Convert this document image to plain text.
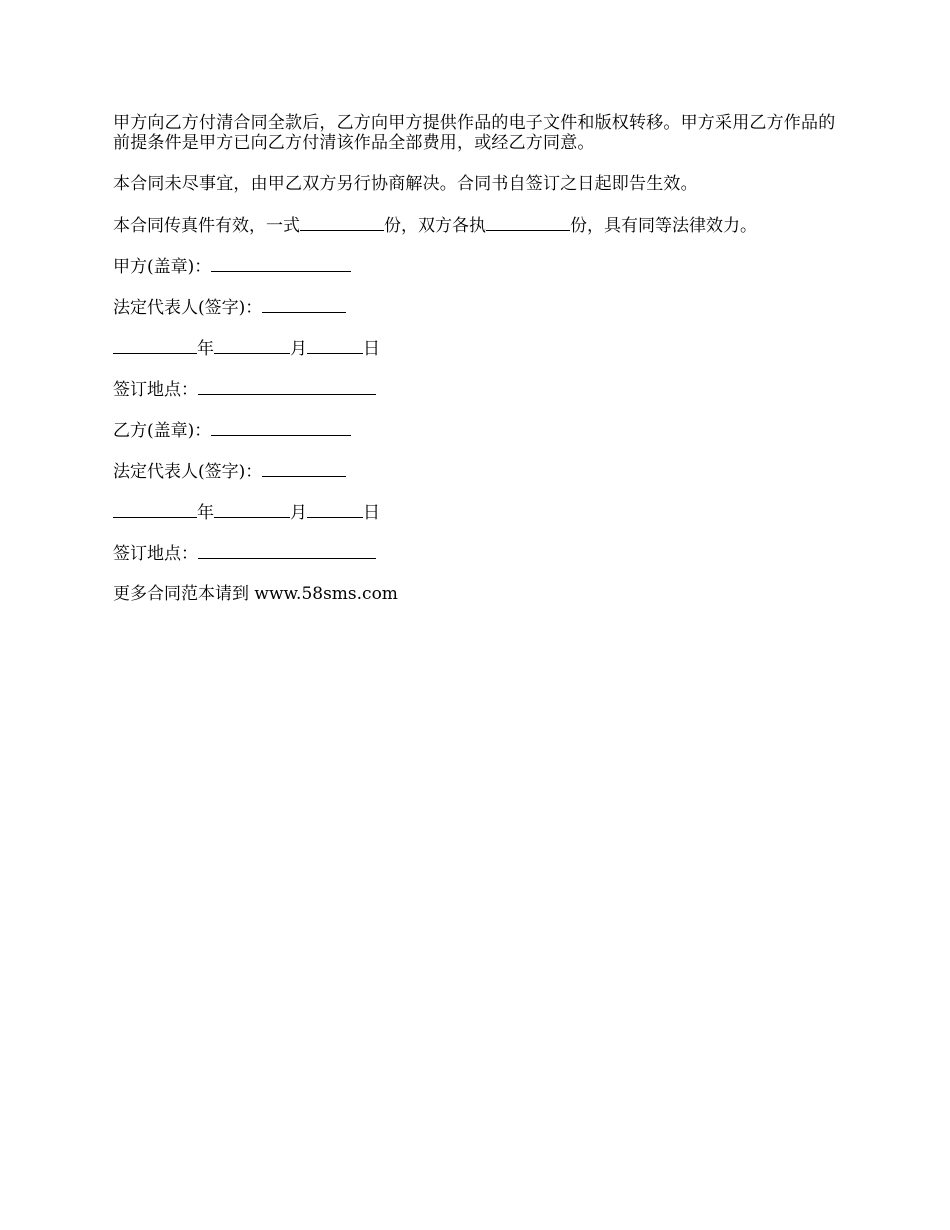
甲方向乙方付清合同全款后，乙方向甲方提供作品的电子文件和版权转移。甲方采用乙方作品的前提条件是甲方已向乙方付清该作品全部费用，或经乙方同意。

本合同未尽事宜，由甲乙双方另行协商解决。合同书自签订之日起即告生效。

本合同传真件有效，一式	份，双方各执	份，具有同等法律效力。

甲方(盖章)：

法定代表人(签字)：

年	月	日

签订地点：

乙方(盖章)：

法定代表人(签字)：

年	月	日

签订地点：

更多合同范本请到 www.58sms.com
